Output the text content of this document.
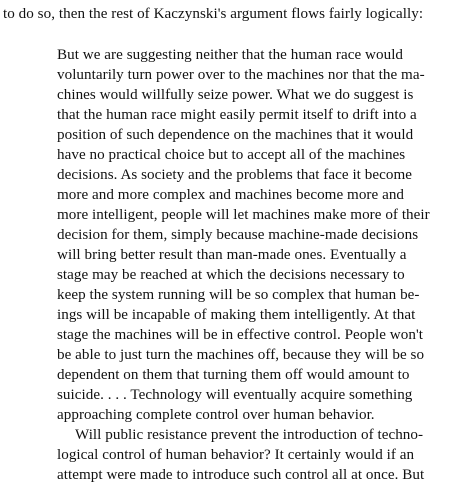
to do so, then the rest of Kaczynski's argument flows fairly logically:
But we are suggesting neither that the human race would
voluntarily turn power over to the machines nor that the ma-
chines would willfully seize power. What we do suggest is
that the human race might easily permit itself to drift into a
position of such dependence on the machines that it would
have no practical choice but to accept all of the machines
decisions. As society and the problems that face it become
more and more complex and machines become more and
more intelligent, people will let machines make more of their
decision for them, simply because machine-made decisions
will bring better result than man-made ones. Eventually a
stage may be reached at which the decisions necessary to
keep the system running will be so complex that human be-
ings will be incapable of making them intelligently. At that
stage the machines will be in effective control. People won't
be able to just turn the machines off, because they will be so
dependent on them that turning them off would amount to
suicide. . . . Technology will eventually acquire something
approaching complete control over human behavior.
Will public resistance prevent the introduction of techno-
logical control of human behavior? It certainly would if an
attempt were made to introduce such control all at once. But
